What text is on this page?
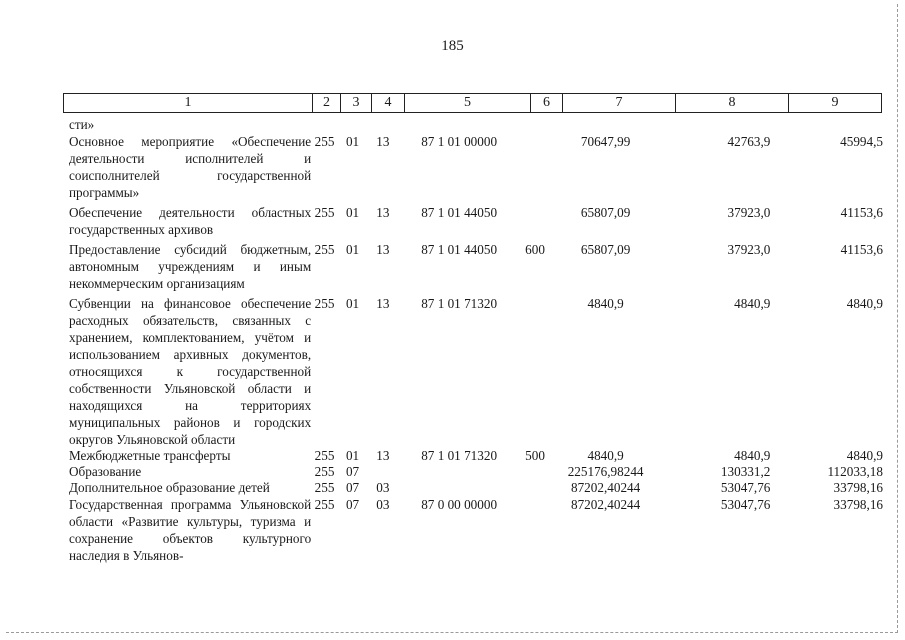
185
1	2	3	4	5	6	7	8	9
сти»								
Основное мероприятие «Обеспечение деятельности исполнителей и соисполнителей государственной программы»	255	01	13	87 1 01 00000		70647,99	42763,9	45994,5
Обеспечение деятельности областных государственных архивов	255	01	13	87 1 01 44050		65807,09	37923,0	41153,6
Предоставление субсидий бюджетным, автономным учреждениям и иным некоммерческим организациям	255	01	13	87 1 01 44050	600	65807,09	37923,0	41153,6
Субвенции на финансовое обеспечение расходных обязательств, связанных с хранением, комплектованием, учётом и использованием архивных документов, относящихся к государственной собственности Ульяновской области и находящихся на территориях муниципальных районов и городских округов Ульяновской области	255	01	13	87 1 01 71320		4840,9	4840,9	4840,9
Межбюджетные трансферты	255	01	13	87 1 01 71320	500	4840,9	4840,9	4840,9
Образование	255	07				225176,98244	130331,2	112033,18
Дополнительное образование детей	255	07	03			87202,40244	53047,76	33798,16
Государственная программа Ульяновской области «Развитие культуры, туризма и сохранение объектов культурного наследия в Ульянов-	255	07	03	87 0 00 00000		87202,40244	53047,76	33798,16
